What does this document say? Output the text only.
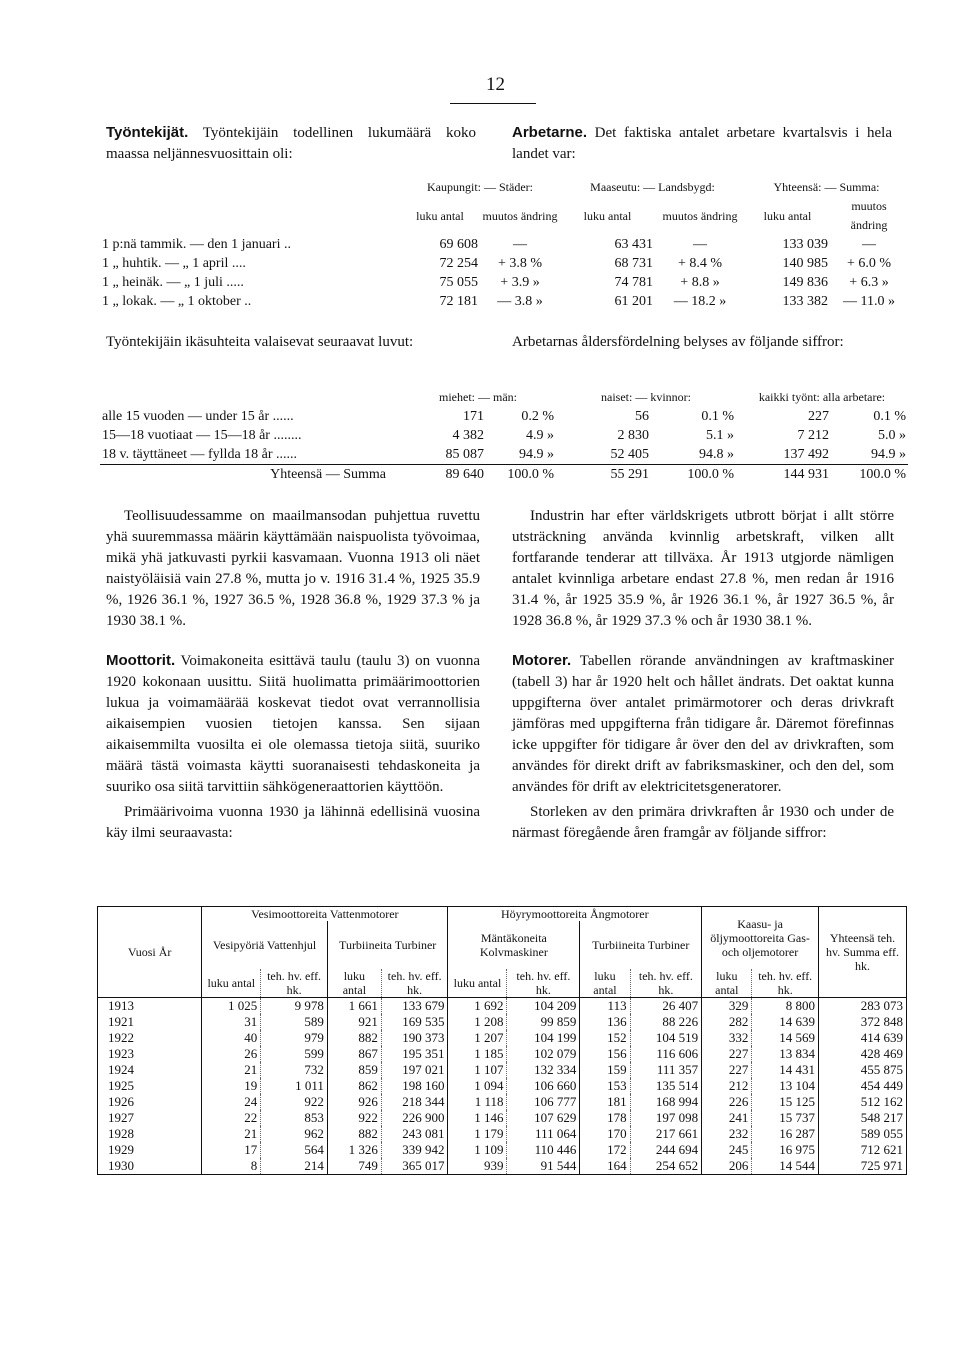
12

Työntekijät. Työntekijäin todellinen lukumäärä koko maassa neljännesvuosittain oli:

Arbetarne. Det faktiska antalet arbetare kvartalsvis i hela landet var:

	Kaupungit: — Städer:		Maaseutu: — Landsbygd:		Yhteensä: — Summa:	
	luku antal	muutos ändring	luku antal	muutos ändring	luku antal	muutos ändring
1 p:nä tammik. — den 1 januari ..	69 608	—	63 431	—	133 039	—
1 „ huhtik. — „ 1 april ....	72 254	+ 3.8 %	68 731	+ 8.4 %	140 985	+ 6.0 %
1 „ heinäk. — „ 1 juli .....	75 055	+ 3.9 »	74 781	+ 8.8 »	149 836	+ 6.3 »
1 „ lokak. — „ 1 oktober ..	72 181	— 3.8 »	61 201	— 18.2 »	133 382	— 11.0 »

Työntekijäin ikäsuhteita valaisevat seuraavat luvut:	Arbetarnas åldersfördelning belyses av följande siffror:

	miehet: — män:		naiset: — kvinnor:		kaikki työnt: alla arbetare:	
alle 15 vuoden — under 15 år ......	171	0.2 %	56	0.1 %	227	0.1 %
15—18 vuotiaat — 15—18 år ........	4 382	4.9 »	2 830	5.1 »	7 212	5.0 »
18 v. täyttäneet — fyllda 18 år ......	85 087	94.9 »	52 405	94.8 »	137 492	94.9 »
Yhteensä — Summa	89 640	100.0 %	55 291	100.0 %	144 931	100.0 %

Teollisuudessamme on maailmansodan puhjettua ruvettu yhä suuremmassa määrin käyttämään naispuolista työvoimaa, mikä yhä jatkuvasti pyrkii kasvamaan. Vuonna 1913 oli näet naistyöläisiä vain 27.8 %, mutta jo v. 1916 31.4 %, 1925 35.9 %, 1926 36.1 %, 1927 36.5 %, 1928 36.8 %, 1929 37.3 % ja 1930 38.1 %.

Moottorit. Voimakoneita esittävä taulu (taulu 3) on vuonna 1920 kokonaan uusittu. Siitä huolimatta primäärimoottorien lukua ja voimamäärää koskevat tiedot ovat verrannollisia aikaisempien vuosien tietojen kanssa. Sen sijaan aikaisemmilta vuosilta ei ole olemassa tietoja siitä, suuriko määrä tästä voimasta käytti suoranaisesti tehdaskoneita ja suuriko osa siitä tarvittiin sähkögeneraattorien käyttöön.

Primäärivoima vuonna 1930 ja lähinnä edellisinä vuosina käy ilmi seuraavasta:

Industrin har efter världskrigets utbrott börjat i allt större utsträckning använda kvinnlig arbetskraft, vilken allt fortfarande tenderar att tillväxa. År 1913 utgjorde nämligen antalet kvinnliga arbetare endast 27.8 %, men redan år 1916 31.4 %, år 1925 35.9 %, år 1926 36.1 %, år 1927 36.5 %, år 1928 36.8 %, år 1929 37.3 % och år 1930 38.1 %.

Motorer. Tabellen rörande användningen av kraftmaskiner (tabell 3) har år 1920 helt och hållet ändrats. Det oaktat kunna uppgifterna över antalet primärmotorer och deras drivkraft jämföras med uppgifterna från tidigare år. Däremot förefinnas icke uppgifter för tidigare år över den del av drivkraften, som användes för direkt drift av fabriksmaskiner, och den del, som användes för drift av elektricitetsgeneratorer.

Storleken av den primära drivkraften år 1930 och under de närmast föregående åren framgår av följande siffror:

Vuosi År	Vesimoottoreita Vattenmotorer				Höyrymoottoreita Ångmotorer				Kaasu- ja öljymoottoreita Gas- och oljemotorer		Yhteensä teh. hv. Summa eff. hk.
	Vesipyöriä Vattenhjul		Turbiineita Turbiner		Mäntäkoneita Kolvmaskiner		Turbiineita Turbiner				
	luku antal	teh. hv. eff. hk.	luku antal	teh. hv. eff. hk.	luku antal	teh. hv. eff. hk.	luku antal	teh. hv. eff. hk.	luku antal	teh. hv. eff. hk.	
1913	1 025	9 978	1 661	133 679	1 692	104 209	113	26 407	329	8 800	283 073
1921	31	589	921	169 535	1 208	99 859	136	88 226	282	14 639	372 848
1922	40	979	882	190 373	1 207	104 199	152	104 519	332	14 569	414 639
1923	26	599	867	195 351	1 185	102 079	156	116 606	227	13 834	428 469
1924	21	732	859	197 021	1 107	132 334	159	111 357	227	14 431	455 875
1925	19	1 011	862	198 160	1 094	106 660	153	135 514	212	13 104	454 449
1926	24	922	926	218 344	1 118	106 777	181	168 994	226	15 125	512 162
1927	22	853	922	226 900	1 146	107 629	178	197 098	241	15 737	548 217
1928	21	962	882	243 081	1 179	111 064	170	217 661	232	16 287	589 055
1929	17	564	1 326	339 942	1 109	110 446	172	244 694	245	16 975	712 621
1930	8	214	749	365 017	939	91 544	164	254 652	206	14 544	725 971
